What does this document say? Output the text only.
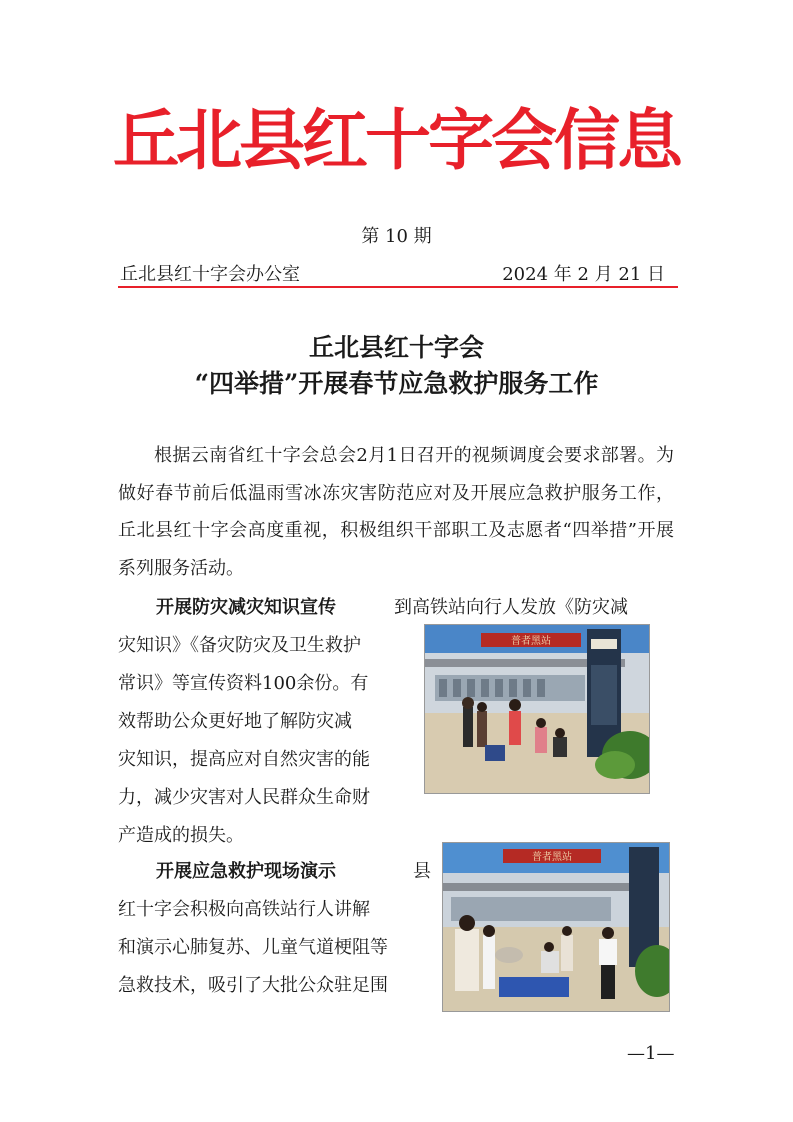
丘北县红十字会信息
第 10 期
丘北县红十字会办公室	2024 年 2 月 21 日
丘北县红十字会
“四举措”开展春节应急救护服务工作
根据云南省红十字会总会2月1日召开的视频调度会要求部署。为做好春节前后低温雨雪冰冻灾害防范应对及开展应急救护服务工作，丘北县红十字会高度重视，积极组织干部职工及志愿者“四举措”开展系列服务活动。
开展防灾减灾知识宣传	到高铁站向行人发放《防灾减
灾知识》《备灾防灾及卫生救护
常识》等宣传资料100余份。有
效帮助公众更好地了解防灾减
灾知识，提高应对自然灾害的能
力，减少灾害对人民群众生命财
产造成的损失。
普者黑站
开展应急救护现场演示	县
红十字会积极向高铁站行人讲解
和演示心肺复苏、儿童气道梗阻等
急救技术，吸引了大批公众驻足围
普者黑站
—1—
